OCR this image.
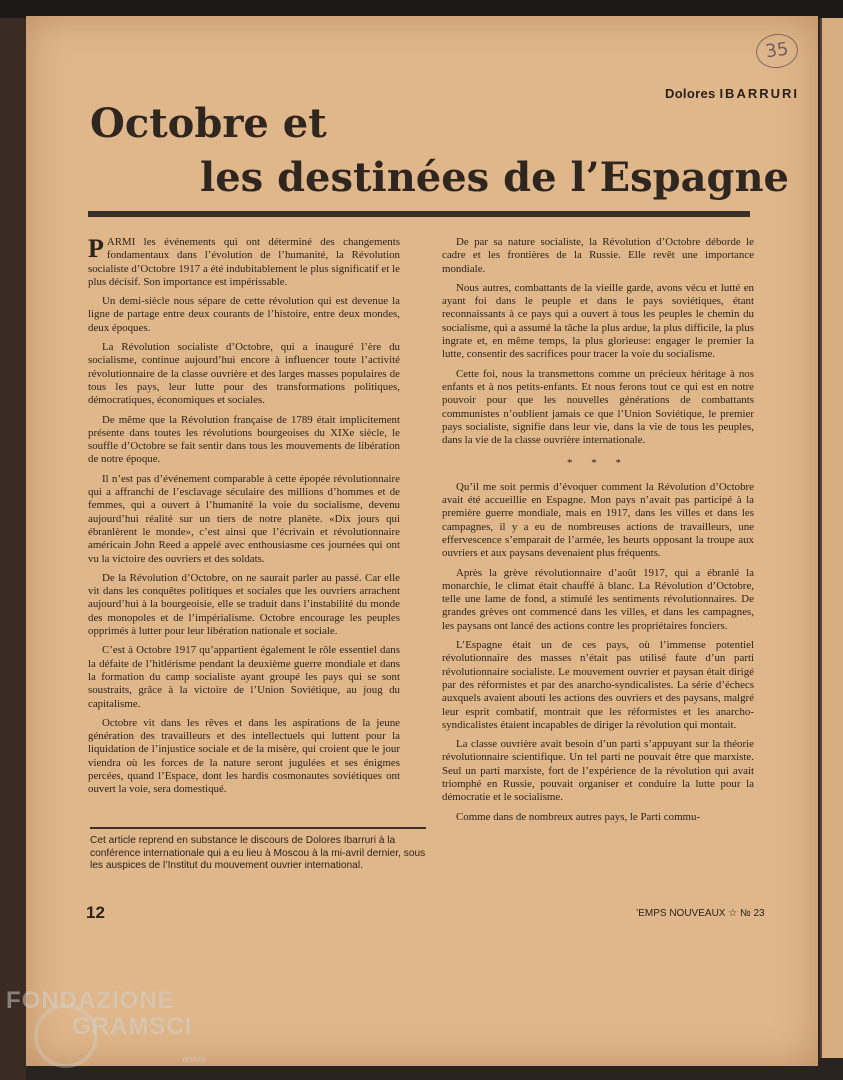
35
Dolores IBARRURI
Octobre et
les destinées de l’Espagne

PARMI les événements qui ont déterminé des changements fondamentaux dans l’évolution de l’humanité, la Révolution socialiste d’Octobre 1917 a été indubitablement le plus significatif et le plus décisif. Son importance est impérissable.

Un demi-siècle nous sépare de cette révolution qui est devenue la ligne de partage entre deux courants de l’histoire, entre deux mondes, deux époques.

La Révolution socialiste d’Octobre, qui a inauguré l’ère du socialisme, continue aujourd’hui encore à influencer toute l’activité révolutionnaire de la classe ouvrière et des larges masses populaires de tous les pays, leur lutte pour des transformations politiques, démocratiques, économiques et sociales.

De même que la Révolution française de 1789 était implicitement présente dans toutes les révolutions bourgeoises du XIXe siècle, le souffle d’Octobre se fait sentir dans tous les mouvements de libération de notre époque.

Il n’est pas d’événement comparable à cette épopée révolutionnaire qui a affranchi de l’esclavage séculaire des millions d’hommes et de femmes, qui a ouvert à l’humanité la voie du socialisme, devenu aujourd’hui réalité sur un tiers de notre planète. «Dix jours qui ébranlèrent le monde», c’est ainsi que l’écrivain et révolutionnaire américain John Reed a appelé avec enthousiasme ces journées qui ont vu la victoire des ouvriers et des soldats.

De la Révolution d’Octobre, on ne saurait parler au passé. Car elle vit dans les conquêtes politiques et sociales que les ouvriers arrachent aujourd’hui à la bourgeoisie, elle se traduit dans l’instabilité du monde des monopoles et de l’impérialisme. Octobre encourage les peuples opprimés à lutter pour leur libération nationale et sociale.

C’est à Octobre 1917 qu’appartient également le rôle essentiel dans la défaite de l’hitlérisme pendant la deuxième guerre mondiale et dans la formation du camp socialiste ayant groupé les pays qui se sont soustraits, grâce à la victoire de l’Union Soviétique, au joug du capitalisme.

Octobre vit dans les rêves et dans les aspirations de la jeune génération des travailleurs et des intellectuels qui luttent pour la liquidation de l’injustice sociale et de la misère, qui croient que le jour viendra où les forces de la nature seront jugulées et ses énigmes percées, quand l’Espace, dont les hardis cosmonautes soviétiques ont ouvert la voie, sera domestiqué.

Cet article reprend en substance le discours de Dolores Ibarruri à la conférence internationale qui a eu lieu à Moscou à la mi-avril dernier, sous les auspices de l’Institut du mouvement ouvrier international.

De par sa nature socialiste, la Révolution d’Octobre déborde le cadre et les frontières de la Russie. Elle revêt une importance mondiale.

Nous autres, combattants de la vieille garde, avons vécu et lutté en ayant foi dans le peuple et dans le pays soviétiques, étant reconnaissants à ce pays qui a ouvert à tous les peuples le chemin du socialisme, qui a assumé la tâche la plus ardue, la plus difficile, la plus ingrate et, en même temps, la plus glorieuse: engager le premier la lutte, consentir des sacrifices pour tracer la voie du socialisme.

Cette foi, nous la transmettons comme un précieux héritage à nos enfants et à nos petits-enfants. Et nous ferons tout ce qui est en notre pouvoir pour que les nouvelles générations de combattants communistes n’oublient jamais ce que l’Union Soviétique, le premier pays socialiste, signifie dans leur vie, dans la vie de tous les peuples, dans la vie de la classe ouvrière internationale.

* * *

Qu’il me soit permis d’évoquer comment la Révolution d’Octobre avait été accueillie en Espagne. Mon pays n’avait pas participé à la première guerre mondiale, mais en 1917, dans les villes et dans les campagnes, il y a eu de nombreuses actions de travailleurs, une effervescence s’emparait de l’armée, les heurts opposant la troupe aux ouvriers et aux paysans devenaient plus fréquents.

Après la grève révolutionnaire d’août 1917, qui a ébranlé la monarchie, le climat était chauffé à blanc. La Révolution d’Octobre, telle une lame de fond, a stimulé les sentiments révolutionnaires. De grandes grèves ont commencé dans les villes, et dans les campagnes, les paysans ont lancé des actions contre les propriétaires fonciers.

L’Espagne était un de ces pays, où l’immense potentiel révolutionnaire des masses n’était pas utilisé faute d’un parti révolutionnaire socialiste. Le mouvement ouvrier et paysan était dirigé par des réformistes et par des anarcho-syndicalistes. La série d’échecs auxquels avaient abouti les actions des ouvriers et des paysans, malgré leur esprit combatif, montrait que les réformistes et les anarcho-syndicalistes étaient incapables de diriger la révolution qui montait.

La classe ouvrière avait besoin d’un parti s’appuyant sur la théorie révolutionnaire scientifique. Un tel parti ne pouvait être que marxiste. Seul un parti marxiste, fort de l’expérience de la révolution qui avait triomphé en Russie, pouvait organiser et conduire la lutte pour la démocratie et le socialisme.

Comme dans de nombreux autres pays, le Parti commu-

12	’EMPS NOUVEAUX ☆ № 23
FONDAZIONE
GRAMSCI
onlus
